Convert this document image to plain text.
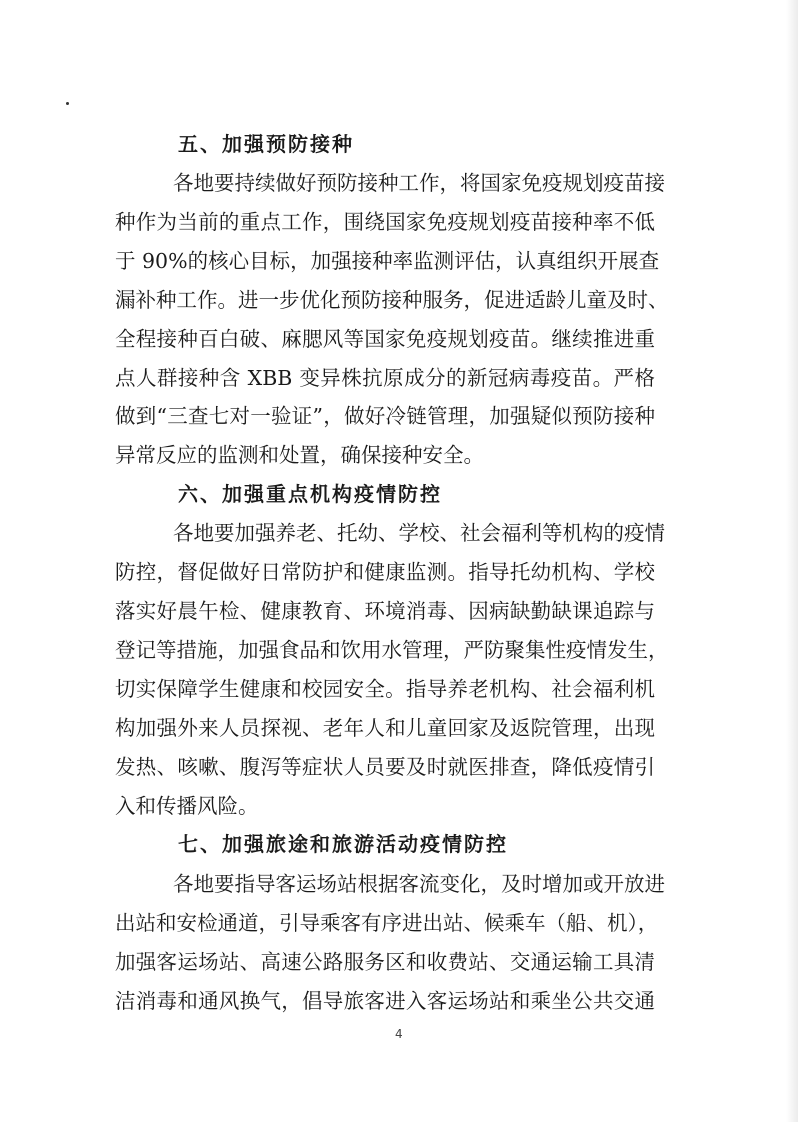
五、加强预防接种

各地要持续做好预防接种工作，将国家免疫规划疫苗接

种作为当前的重点工作，围绕国家免疫规划疫苗接种率不低

于 90%的核心目标，加强接种率监测评估，认真组织开展查

漏补种工作。进一步优化预防接种服务，促进适龄儿童及时、

全程接种百白破、麻腮风等国家免疫规划疫苗。继续推进重

点人群接种含 XBB 变异株抗原成分的新冠病毒疫苗。严格

做到“三查七对一验证”，做好冷链管理，加强疑似预防接种

异常反应的监测和处置，确保接种安全。

六、加强重点机构疫情防控

各地要加强养老、托幼、学校、社会福利等机构的疫情

防控，督促做好日常防护和健康监测。指导托幼机构、学校

落实好晨午检、健康教育、环境消毒、因病缺勤缺课追踪与

登记等措施，加强食品和饮用水管理，严防聚集性疫情发生，

切实保障学生健康和校园安全。指导养老机构、社会福利机

构加强外来人员探视、老年人和儿童回家及返院管理，出现

发热、咳嗽、腹泻等症状人员要及时就医排查，降低疫情引

入和传播风险。

七、加强旅途和旅游活动疫情防控

各地要指导客运场站根据客流变化，及时增加或开放进

出站和安检通道，引导乘客有序进出站、候乘车（船、机），

加强客运场站、高速公路服务区和收费站、交通运输工具清

洁消毒和通风换气，倡导旅客进入客运场站和乘坐公共交通

4
